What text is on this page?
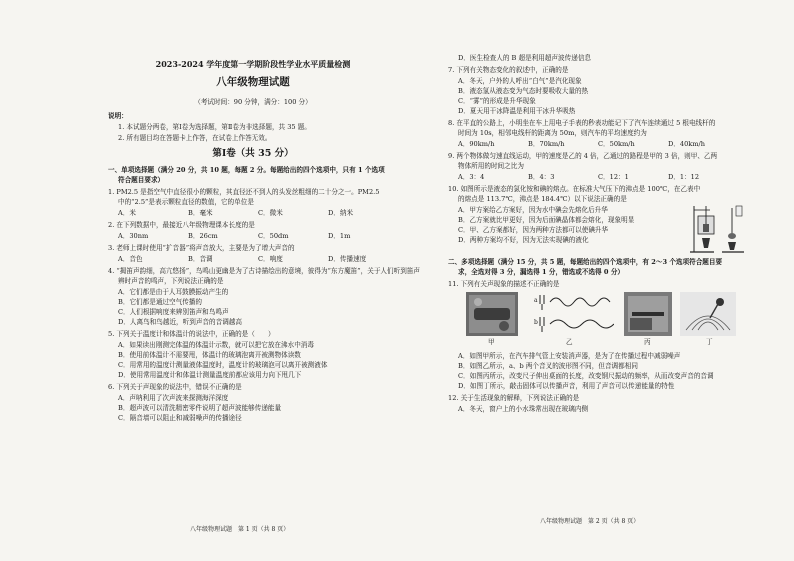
2023-2024 学年度第一学期阶段性学业水平质量检测
八年级物理试题
（考试时间：90 分钟，满分：100 分）
说明：
1. 本试题分两卷，第Ⅰ卷为选择题，第Ⅱ卷为非选择题，共 35 题。
2. 所有题目均在答题卡上作答，在试卷上作答无效。
第Ⅰ卷（共 35 分）
一、单项选择题（满分 20 分，共 10 题，每题 2 分。每题给出的四个选项中，只有 1 个选项
符合题目要求）
1. PM2.5 是指空气中直径很小的颗粒，其直径还不到人的头发丝粗细的二十分之一。PM2.5
中的“2.5”是表示颗粒直径的数值，它的单位是
A．米	B．毫米	C．微米	D．纳米
2. 在下列数据中，最接近八年级物理课本长度的是
A．30nm	B．26cm	C．50dm	D．1m
3. 老师上课时使用“扩音器”将声音放大，主要是为了增大声音的
A．音色	B．音调	C．响度	D．传播速度
4. “揭笛声韵细，高亢悠扬”，鸟鸣山更幽是为了古诗描绘出的意境，彼得为“东方魔笛”，关于人们听到笛声
辨时声音的鸣声，下列说法正确的是
A．它们都是由于人耳鼓膜振动产生的
B．它们都是通过空气传播的
C．人们根据响度来辨别笛声和鸟鸣声
D．人离鸟和鸟越近，听到声音的音调越高
5. 下列关于温度计和体温计的说法中，正确的是（　　）
A．如果读出刚测完体温的体温计示数，就可以把它放在沸水中消毒
B．使用前体温计不需要甩，体温计的玻璃泡离开被测物体读数
C．用常用的温度计测量液体温度时，温度计的玻璃泡可以离开被测液体
D．使用常用温度计和体温计测量温度前都应该用力向下甩几下
6. 下列关于声现象的说法中，错误不正确的是
A．声呐利用了次声波来探测海洋深度
B．超声波可以清洗精密零件说明了超声波能够传递能量
C．隔音墙可以阻止和减弱噪声的传播途径
八年级物理试题　第 1 页（共 8 页）
D．医生检查人的 B 超是利用超声波传递信息
7. 下列有关物态变化的叙述中，正确的是
A．冬天，户外的人呼出“白气”是汽化现象
B．液态氢从液态变为气态时要吸收大量的热
C．“雾”的形成是升华现象
D．夏天用干冰降温是利用干冰升华吸热
8. 在平直的公路上，小明坐在车上用电子手表的秒表功能记下了汽车连续通过 5 根电线杆的
时间为 10s，相邻电线杆的距离为 50m，则汽车的平均速度约为
A．90km/h	B．70km/h	C．50km/h	D．40km/h
9. 两个物体做匀速直线运动，甲的速度是乙的 4 倍，乙通过的路程是甲的 3 倍，则甲、乙两
物体所用的时间之比为
A．3：4	B．4：3	C．12：1	D．1：12
10. 如图所示是液态的氯化铵和碘的熔点。在标准大气压下的沸点是 100℃，在乙表中
的熔点是 113.7℃，沸点是 184.4℃）以下说法正确的是
A．甲方案给乙方案好，因为水中碘会先熔化后升华
B．乙方案就比甲更好，因为后面碘晶体都会熔化，现象明显
C．甲、乙方案都好，因为两种方法都可以使碘升华
D．两种方案均不好，因为无法实现碘的液化
二、多项选择题（满分 15 分，共 5 题，每题给出的四个选项中，有 2～3 个选项符合题目要
求，全选对得 3 分，漏选得 1 分，错选或不选得 0 分）
11. 下列有关声现象的描述不正确的是
a
b
甲	乙	丙	丁
A．如图甲所示，在汽车排气管上安装消声器，是为了在传播过程中减弱噪声
B．如图乙所示，a、b 两个音叉的波形图不同，但音调都相同
C．如图丙所示，改变尺子伸出桌面的长度，改变钢尺振动的频率，从而改变声音的音调
D．如图丁所示，敲击固体可以传播声音，利用了声音可以传递能量的特性
12. 关于生活现象的解释，下列说法正确的是
A．冬天，窗户上的小水珠常出现在玻璃内侧
八年级物理试题　第 2 页（共 8 页）
